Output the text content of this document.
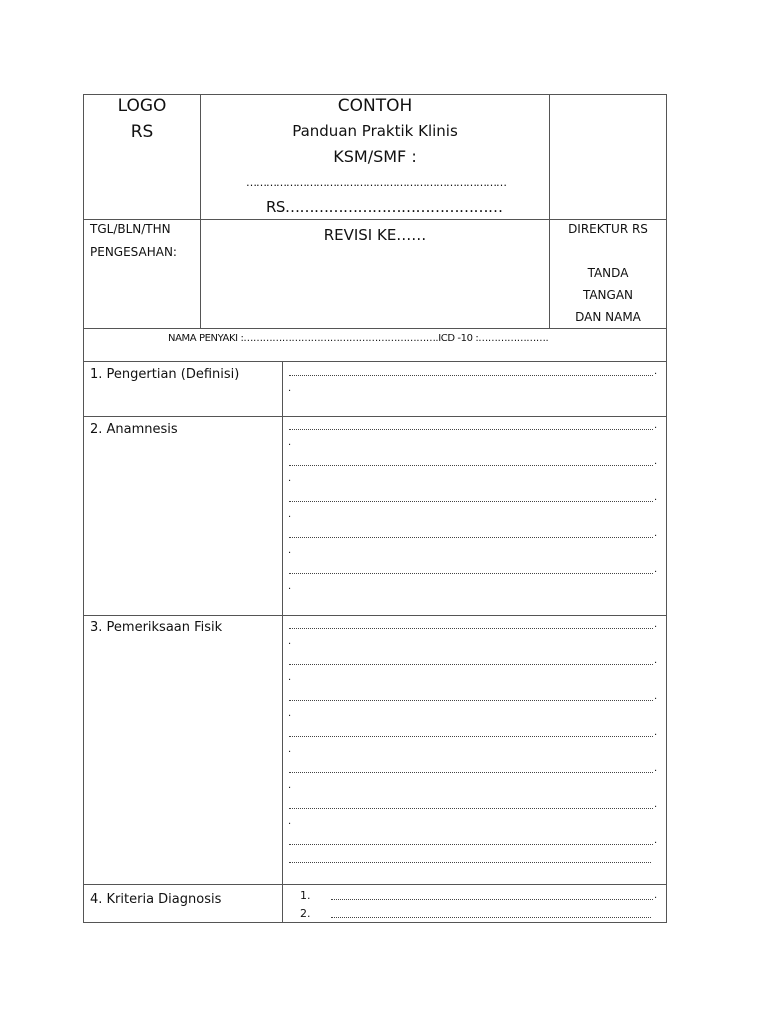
LOGO
RS
CONTOH
Panduan Praktik Klinis
KSM/SMF :
……………………………………………………………………
RS………………………………………
TGL/BLN/THN
PENGESAHAN:
REVISI KE……	DIREKTUR RS
TANDA
TANGAN
DAN NAMA
NAMA PENYAKI :…………………………………………………….ICD -10 :………………….
1. Pengertian (Definisi)
2. Anamnesis
3. Pemeriksaan Fisik
4. Kriteria Diagnosis
.
.
.
.
.
.
.
.
.
.
.
.
.
.
.
.
.
.
.
.
.
.
.
.
.
.
1.
2.
